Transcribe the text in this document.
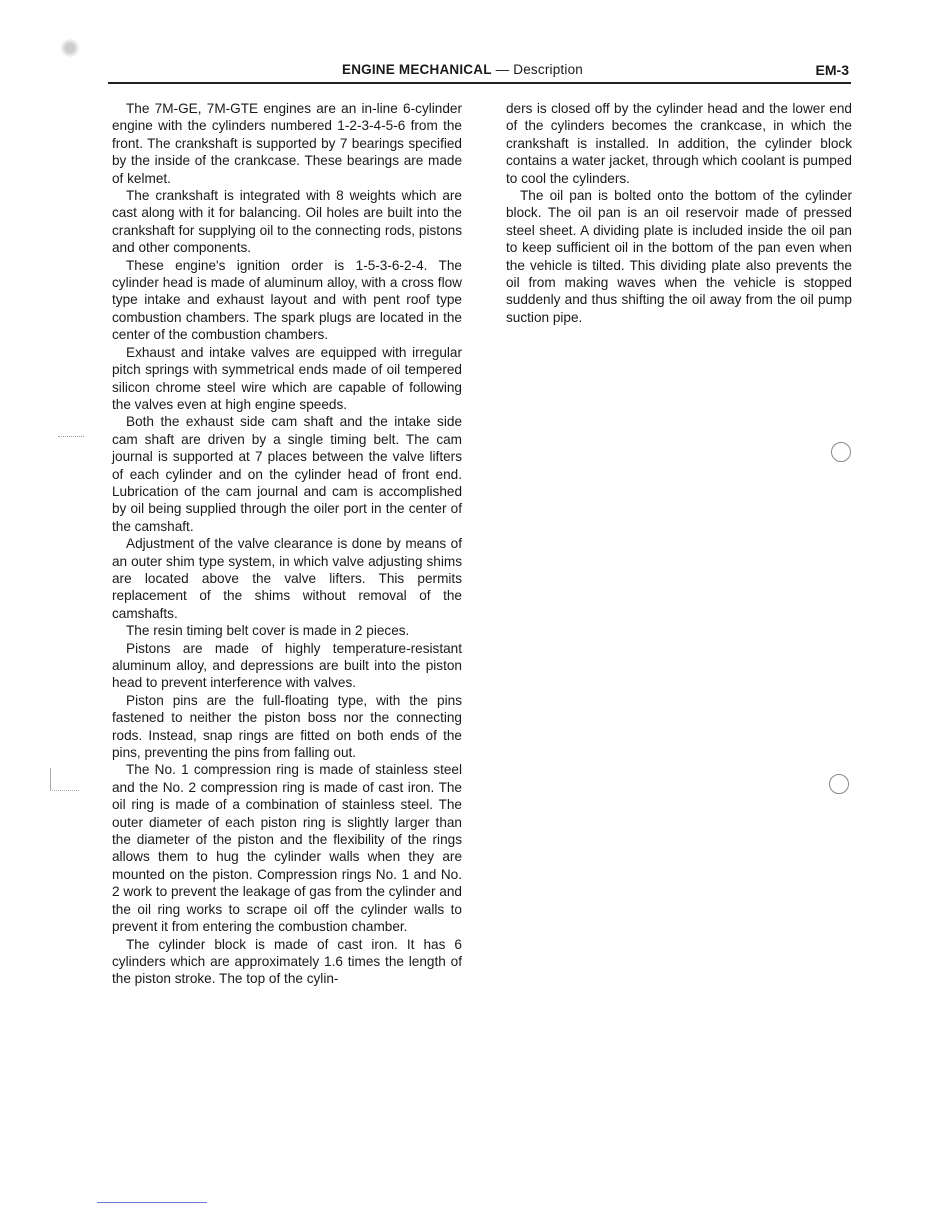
ENGINE MECHANICAL — Description	EM-3

The 7M-GE, 7M-GTE engines are an in-line 6-cylinder engine with the cylinders numbered 1-2-3-4-5-6 from the front. The crankshaft is supported by 7 bearings specified by the inside of the crankcase. These bearings are made of kelmet.

The crankshaft is integrated with 8 weights which are cast along with it for balancing. Oil holes are built into the crankshaft for supplying oil to the connecting rods, pistons and other components.

These engine's ignition order is 1-5-3-6-2-4. The cylinder head is made of aluminum alloy, with a cross flow type intake and exhaust layout and with pent roof type combustion chambers. The spark plugs are located in the center of the combustion chambers.

Exhaust and intake valves are equipped with irregular pitch springs with symmetrical ends made of oil tempered silicon chrome steel wire which are capable of following the valves even at high engine speeds.

Both the exhaust side cam shaft and the intake side cam shaft are driven by a single timing belt. The cam journal is supported at 7 places between the valve lifters of each cylinder and on the cylinder head of front end. Lubrication of the cam journal and cam is accomplished by oil being supplied through the oiler port in the center of the camshaft.

Adjustment of the valve clearance is done by means of an outer shim type system, in which valve adjusting shims are located above the valve lifters. This permits replacement of the shims without removal of the camshafts.

The resin timing belt cover is made in 2 pieces.

Pistons are made of highly temperature-resistant aluminum alloy, and depressions are built into the piston head to prevent interference with valves.

Piston pins are the full-floating type, with the pins fastened to neither the piston boss nor the connecting rods. Instead, snap rings are fitted on both ends of the pins, preventing the pins from falling out.

The No. 1 compression ring is made of stainless steel and the No. 2 compression ring is made of cast iron. The oil ring is made of a combination of stainless steel. The outer diameter of each piston ring is slightly larger than the diameter of the piston and the flexibility of the rings allows them to hug the cylinder walls when they are mounted on the piston. Compression rings No. 1 and No. 2 work to prevent the leakage of gas from the cylinder and the oil ring works to scrape oil off the cylinder walls to prevent it from entering the combustion chamber.

The cylinder block is made of cast iron. It has 6 cylinders which are approximately 1.6 times the length of the piston stroke. The top of the cylin-

ders is closed off by the cylinder head and the lower end of the cylinders becomes the crankcase, in which the crankshaft is installed. In addition, the cylinder block contains a water jacket, through which coolant is pumped to cool the cylinders.

The oil pan is bolted onto the bottom of the cylinder block. The oil pan is an oil reservoir made of pressed steel sheet. A dividing plate is included inside the oil pan to keep sufficient oil in the bottom of the pan even when the vehicle is tilted. This dividing plate also prevents the oil from making waves when the vehicle is stopped suddenly and thus shifting the oil away from the oil pump suction pipe.
